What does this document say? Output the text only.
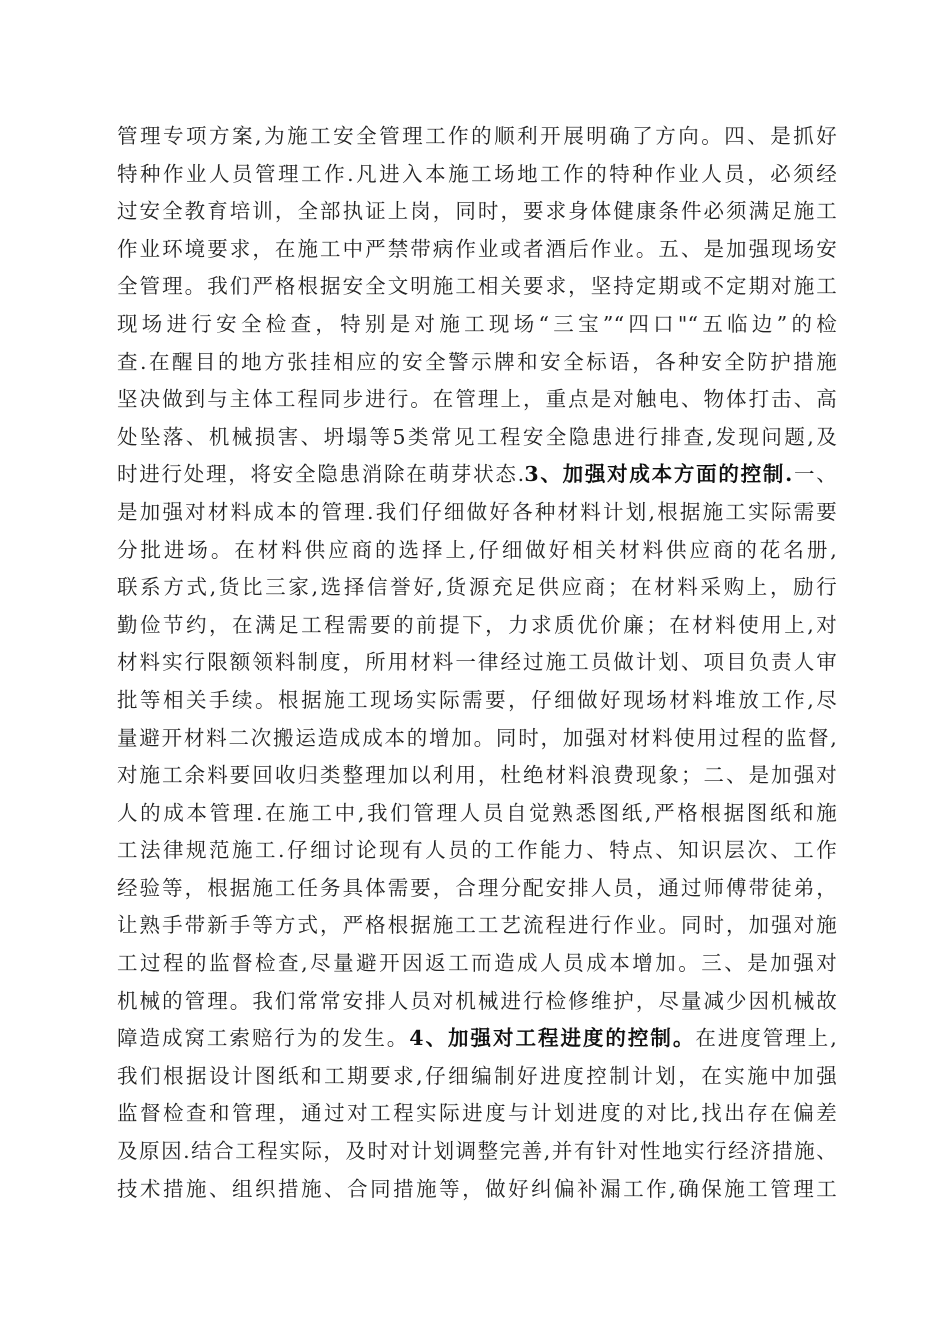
管理专项方案,为施工安全管理工作的顺利开展明确了方向。四、是抓好
特种作业人员管理工作.凡进入本施工场地工作的特种作业人员，必须经
过安全教育培训，全部执证上岗，同时，要求身体健康条件必须满足施工
作业环境要求，在施工中严禁带病作业或者酒后作业。五、是加强现场安
全管理。我们严格根据安全文明施工相关要求，坚持定期或不定期对施工
现场进行安全检查，特别是对施工现场“三宝”“四口"“五临边”的检
查.在醒目的地方张挂相应的安全警示牌和安全标语，各种安全防护措施
坚决做到与主体工程同步进行。在管理上，重点是对触电、物体打击、高
处坠落、机械损害、坍塌等5类常见工程安全隐患进行排查,发现问题,及
时进行处理，将安全隐患消除在萌芽状态.3、加强对成本方面的控制.一、
是加强对材料成本的管理.我们仔细做好各种材料计划,根据施工实际需要
分批进场。在材料供应商的选择上,仔细做好相关材料供应商的花名册,
联系方式,货比三家,选择信誉好,货源充足供应商；在材料采购上，励行
勤俭节约，在满足工程需要的前提下，力求质优价廉；在材料使用上,对
材料实行限额领料制度，所用材料一律经过施工员做计划、项目负责人审
批等相关手续。根据施工现场实际需要，仔细做好现场材料堆放工作,尽
量避开材料二次搬运造成成本的增加。同时，加强对材料使用过程的监督,
对施工余料要回收归类整理加以利用，杜绝材料浪费现象；二、是加强对
人的成本管理.在施工中,我们管理人员自觉熟悉图纸,严格根据图纸和施
工法律规范施工.仔细讨论现有人员的工作能力、特点、知识层次、工作
经验等，根据施工任务具体需要，合理分配安排人员，通过师傅带徒弟，
让熟手带新手等方式，严格根据施工工艺流程进行作业。同时，加强对施
工过程的监督检查,尽量避开因返工而造成人员成本增加。三、是加强对
机械的管理。我们常常安排人员对机械进行检修维护，尽量减少因机械故
障造成窝工索赔行为的发生。4、加强对工程进度的控制。在进度管理上,
我们根据设计图纸和工期要求,仔细编制好进度控制计划，在实施中加强
监督检查和管理，通过对工程实际进度与计划进度的对比,找出存在偏差
及原因.结合工程实际，及时对计划调整完善,并有针对性地实行经济措施、
技术措施、组织措施、合同措施等，做好纠偏补漏工作,确保施工管理工
